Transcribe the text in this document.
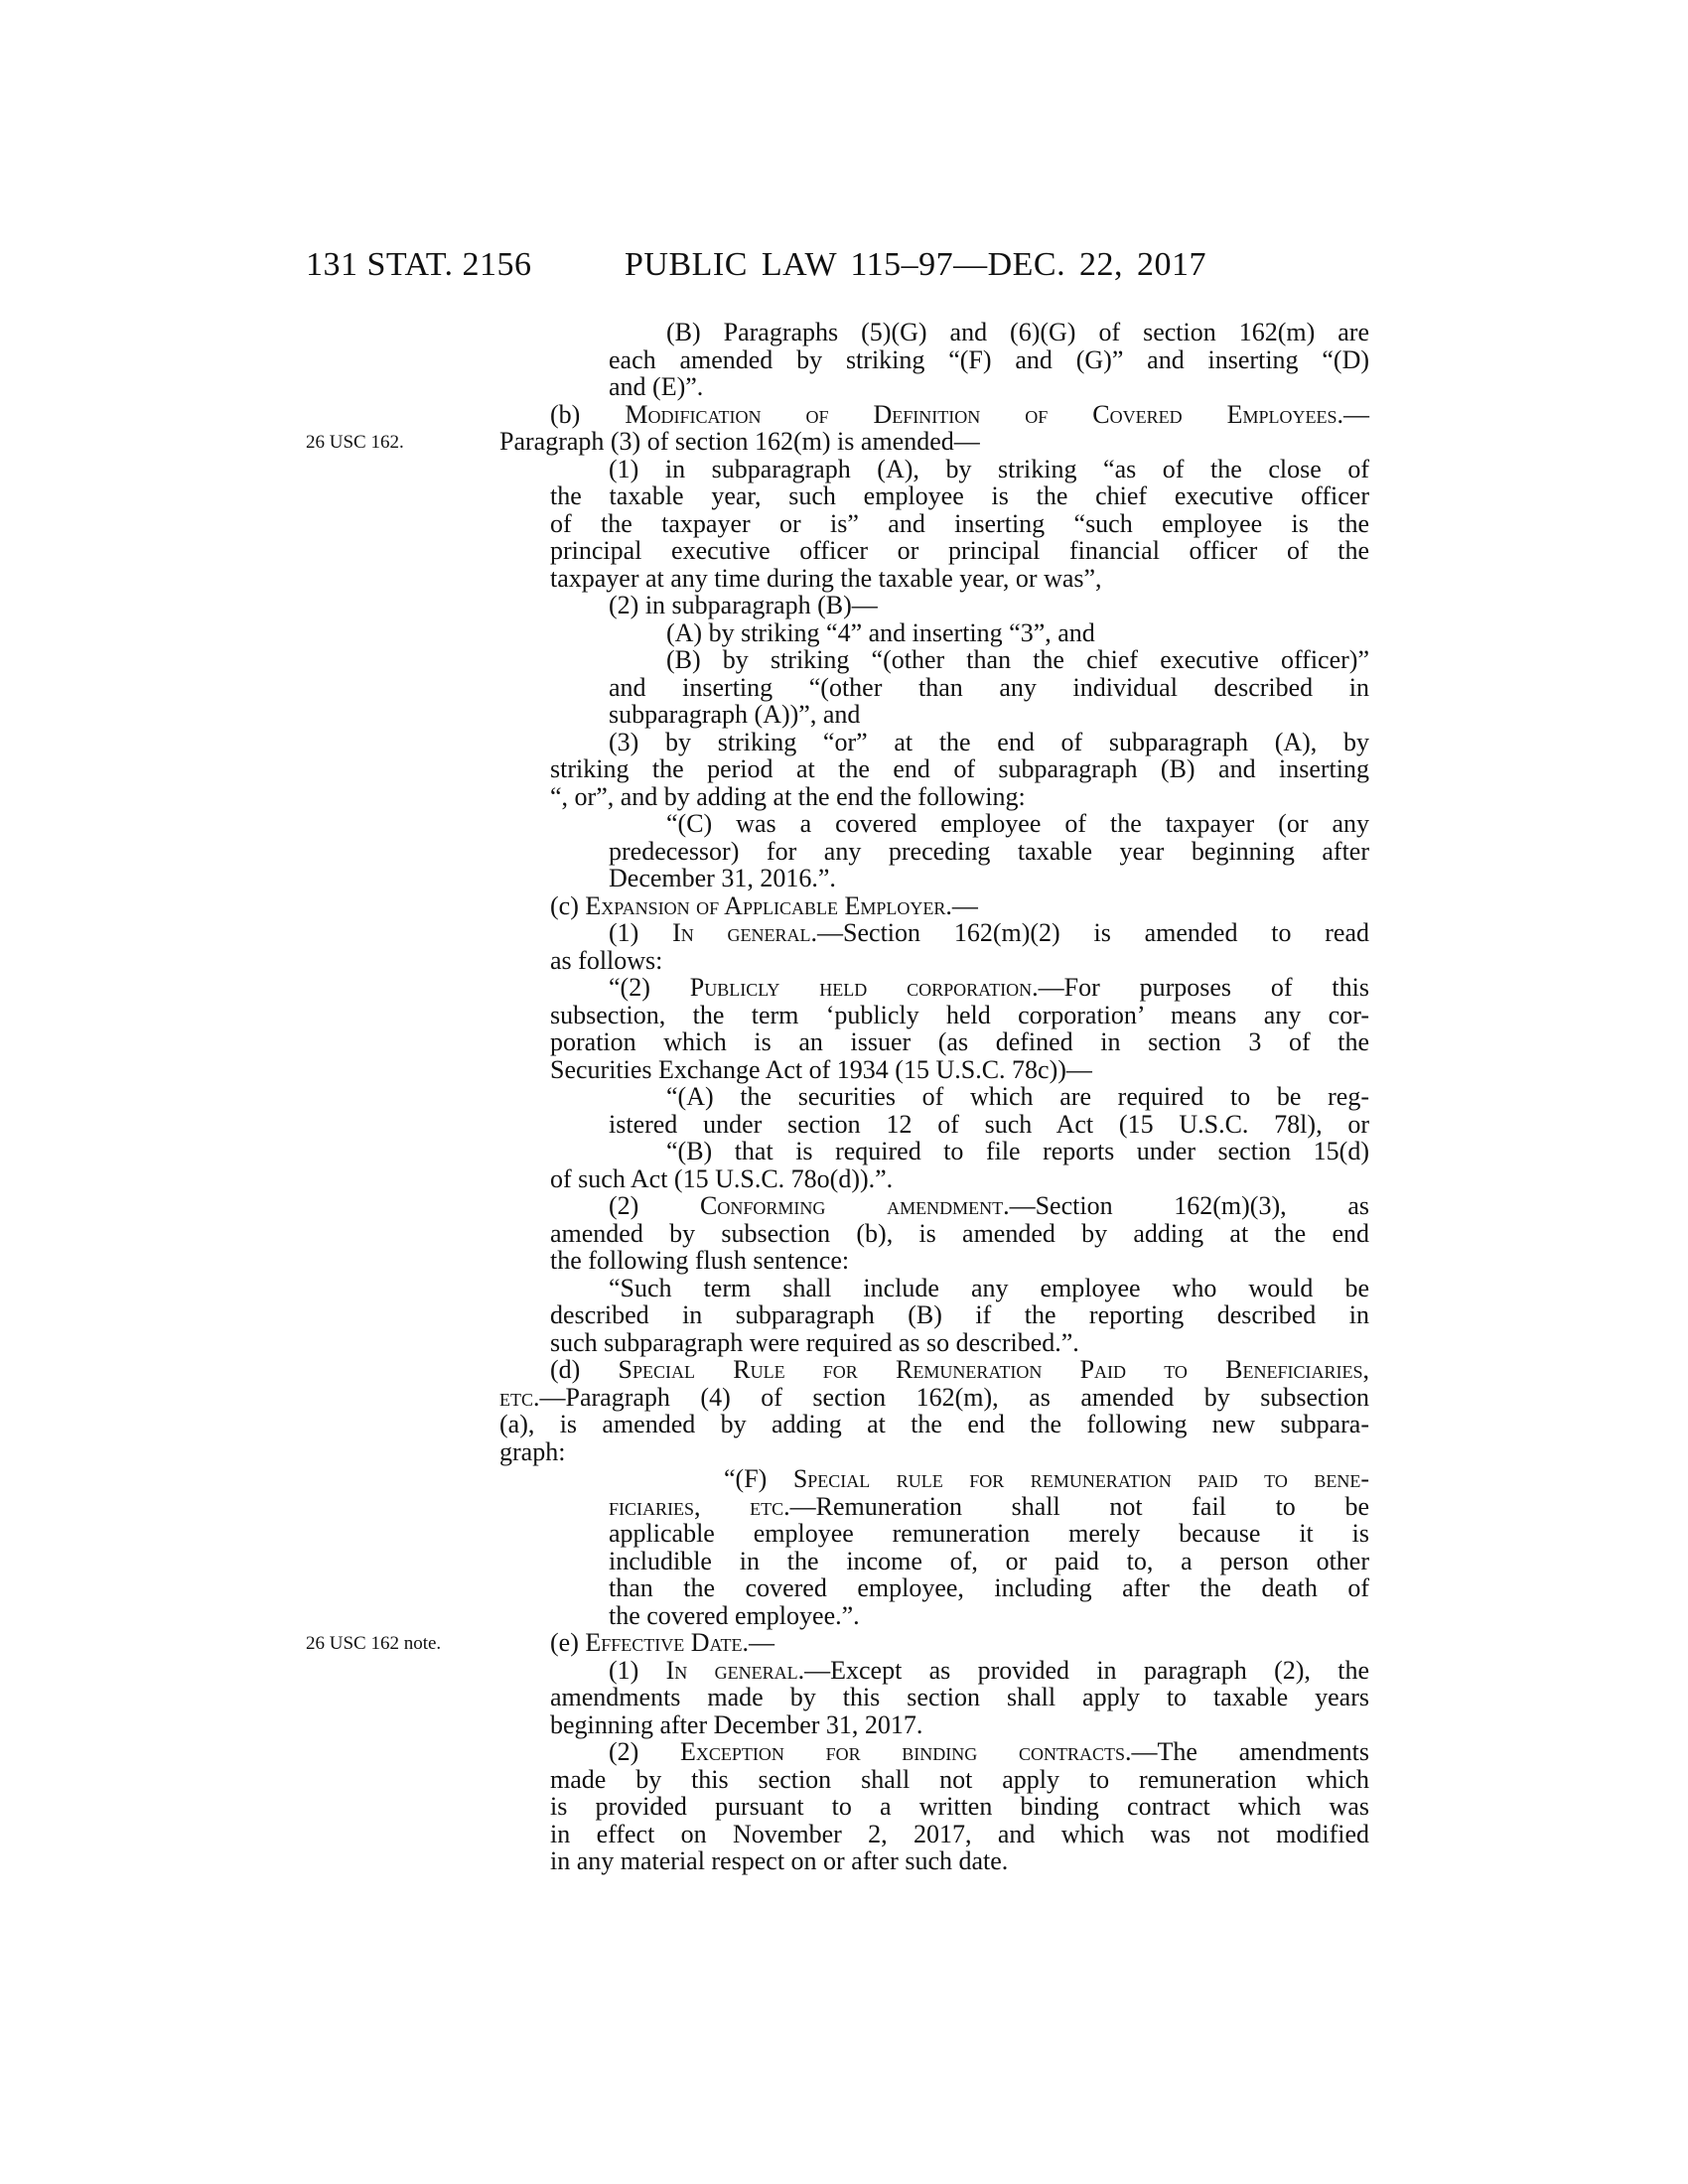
131 STAT. 2156	PUBLIC LAW 115–97—DEC. 22, 2017
(B) Paragraphs (5)(G) and (6)(G) of section 162(m) are
each amended by striking “(F) and (G)” and inserting “(D)
and (E)”.
(b) Modification of Definition of Covered Employees.—
Paragraph (3) of section 162(m) is amended—
(1) in subparagraph (A), by striking “as of the close of
the taxable year, such employee is the chief executive officer
of the taxpayer or is” and inserting “such employee is the
principal executive officer or principal financial officer of the
taxpayer at any time during the taxable year, or was”,
(2) in subparagraph (B)—
(A) by striking “4” and inserting “3”, and
(B) by striking “(other than the chief executive officer)”
and inserting “(other than any individual described in
subparagraph (A))”, and
(3) by striking “or” at the end of subparagraph (A), by
striking the period at the end of subparagraph (B) and inserting
“, or”, and by adding at the end the following:
“(C) was a covered employee of the taxpayer (or any
predecessor) for any preceding taxable year beginning after
December 31, 2016.”.
(c) Expansion of Applicable Employer.—
(1) In general.—Section 162(m)(2) is amended to read
as follows:
“(2) Publicly held corporation.—For purposes of this
subsection, the term ‘publicly held corporation’ means any cor-
poration which is an issuer (as defined in section 3 of the
Securities Exchange Act of 1934 (15 U.S.C. 78c))—
“(A) the securities of which are required to be reg-
istered under section 12 of such Act (15 U.S.C. 78l), or
“(B) that is required to file reports under section 15(d)
of such Act (15 U.S.C. 78o(d)).”.
(2) Conforming amendment.—Section 162(m)(3), as
amended by subsection (b), is amended by adding at the end
the following flush sentence:
“Such term shall include any employee who would be
described in subparagraph (B) if the reporting described in
such subparagraph were required as so described.”.
(d) Special Rule for Remuneration Paid to Beneficiaries,
etc.—Paragraph (4) of section 162(m), as amended by subsection
(a), is amended by adding at the end the following new subpara-
graph:
“(F) Special rule for remuneration paid to bene-
ficiaries, etc.—Remuneration shall not fail to be
applicable employee remuneration merely because it is
includible in the income of, or paid to, a person other
than the covered employee, including after the death of
the covered employee.”.
(e) Effective Date.—
(1) In general.—Except as provided in paragraph (2), the
amendments made by this section shall apply to taxable years
beginning after December 31, 2017.
(2) Exception for binding contracts.—The amendments
made by this section shall not apply to remuneration which
is provided pursuant to a written binding contract which was
in effect on November 2, 2017, and which was not modified
in any material respect on or after such date.
26 USC 162.
26 USC 162 note.
